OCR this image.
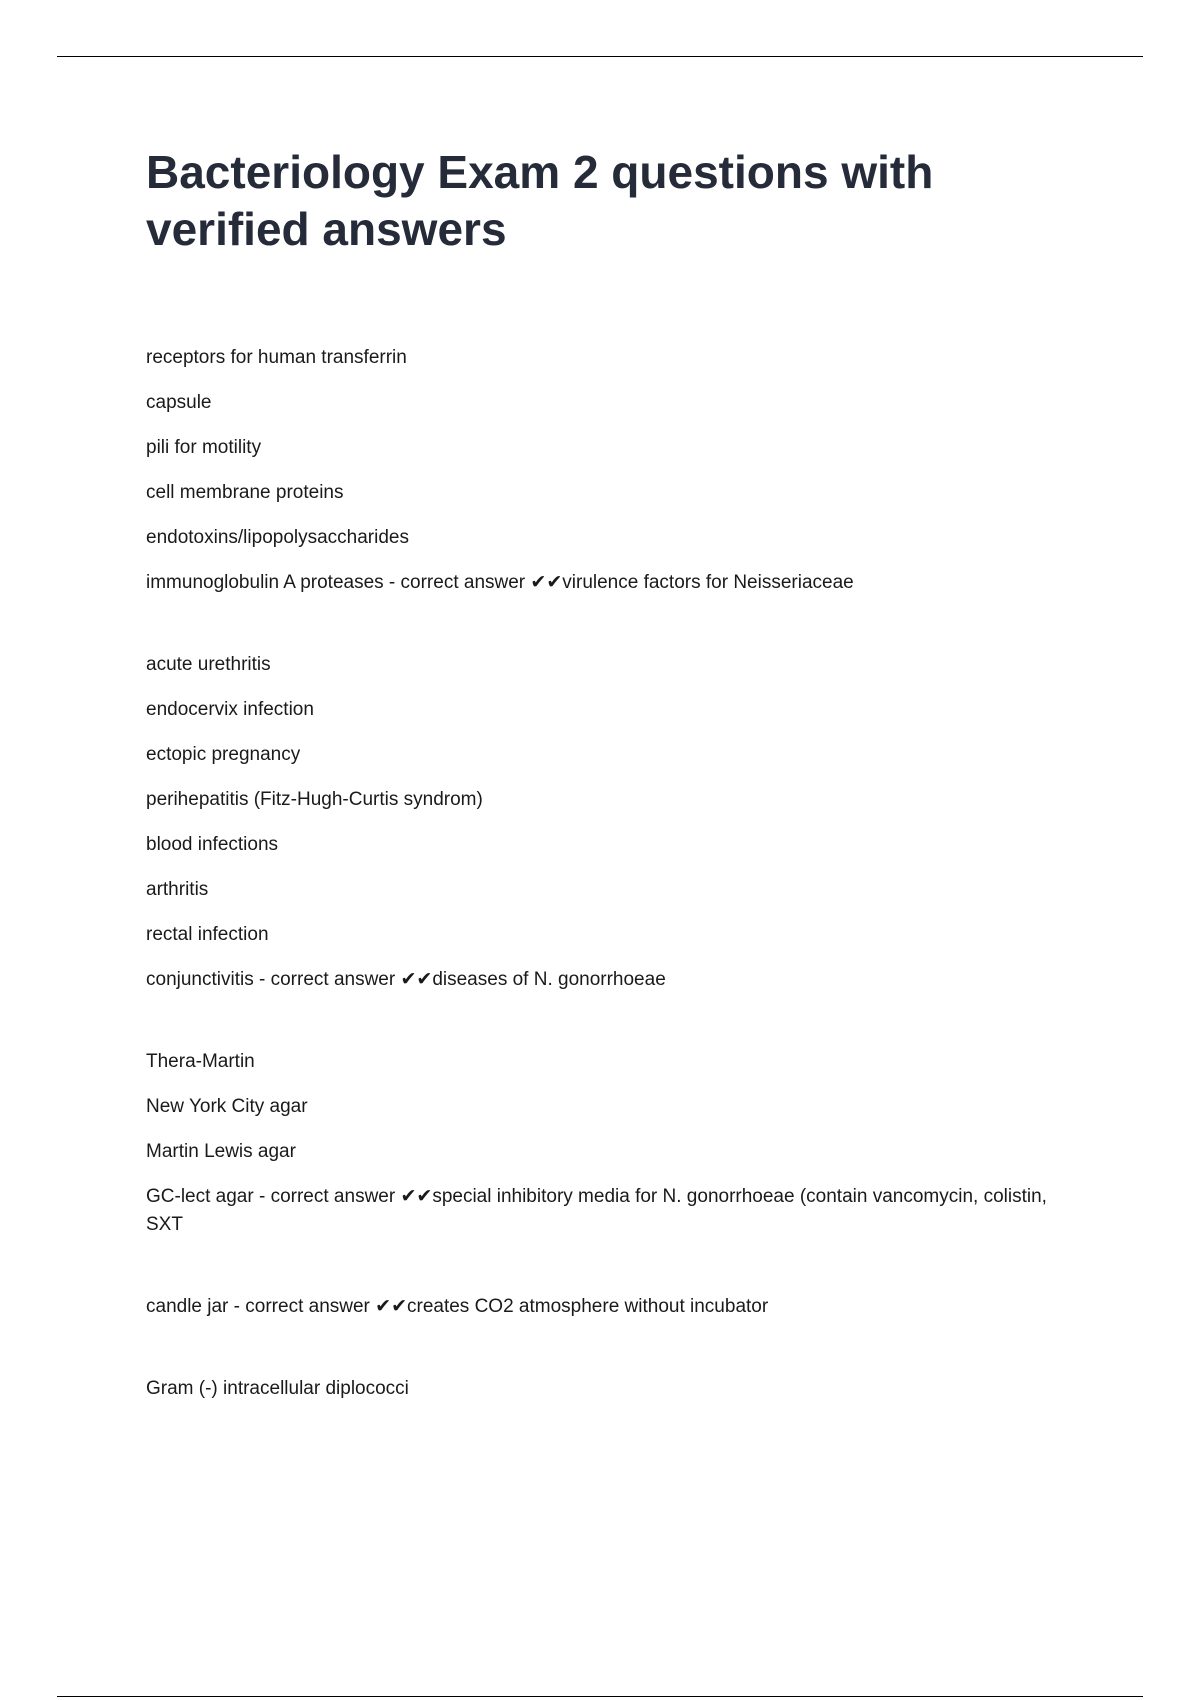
Bacteriology Exam 2 questions with verified answers
receptors for human transferrin
capsule
pili for motility
cell membrane proteins
endotoxins/lipopolysaccharides
immunoglobulin A proteases - correct answer ✔✔virulence factors for Neisseriaceae
acute urethritis
endocervix infection
ectopic pregnancy
perihepatitis (Fitz-Hugh-Curtis syndrom)
blood infections
arthritis
rectal infection
conjunctivitis - correct answer ✔✔diseases of N. gonorrhoeae
Thera-Martin
New York City agar
Martin Lewis agar
GC-lect agar - correct answer ✔✔special inhibitory media for N. gonorrhoeae (contain vancomycin, colistin, SXT
candle jar - correct answer ✔✔creates CO2 atmosphere without incubator
Gram (-) intracellular diplococci
